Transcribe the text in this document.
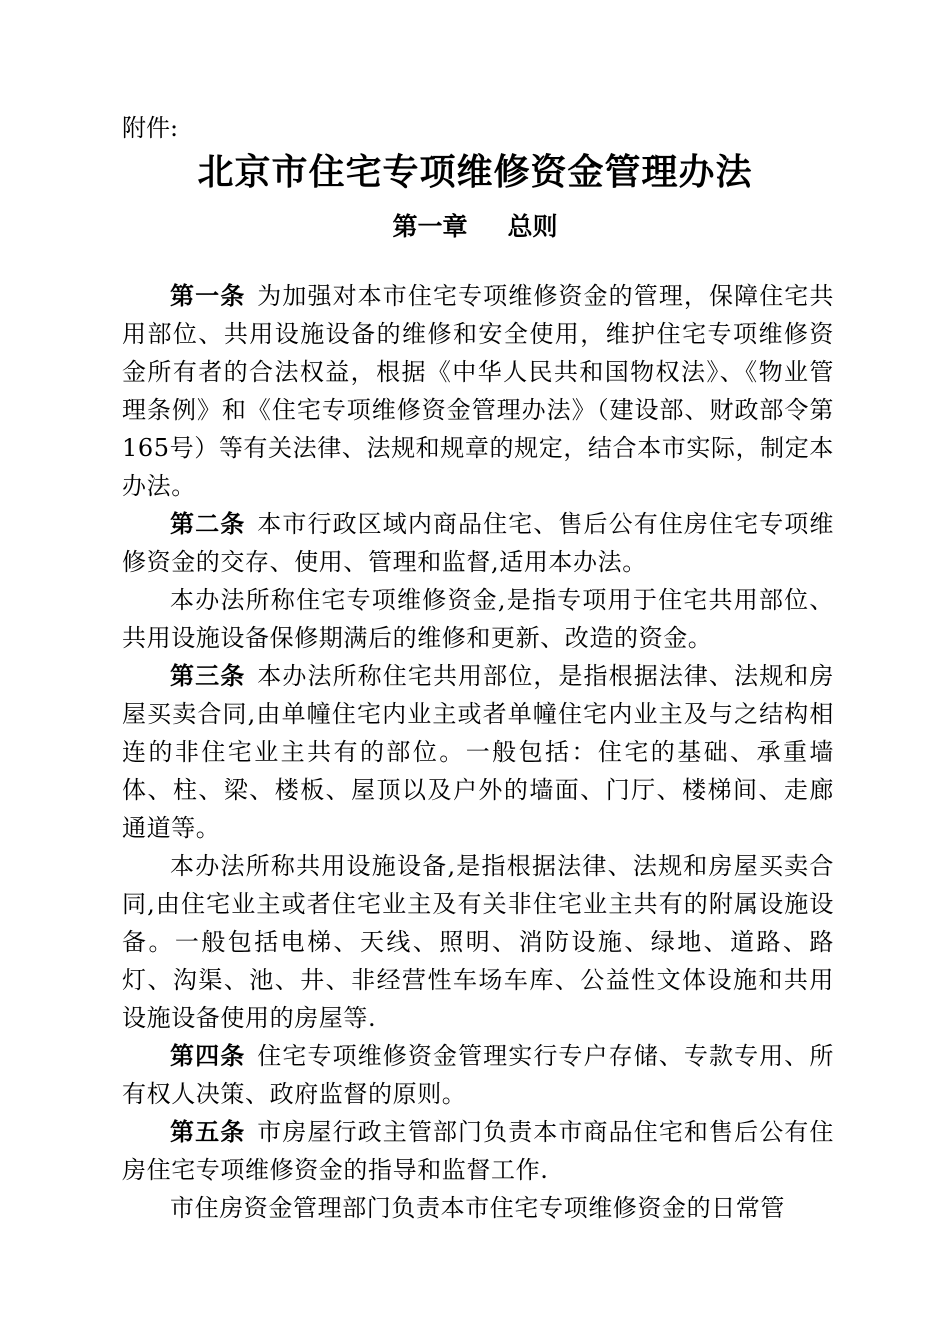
附件:

北京市住宅专项维修资金管理办法
第一章 总则

第一条 为加强对本市住宅专项维修资金的管理，保障住宅共用部位、共用设施设备的维修和安全使用，维护住宅专项维修资金所有者的合法权益，根据《中华人民共和国物权法》、《物业管理条例》和《住宅专项维修资金管理办法》（建设部、财政部令第165号）等有关法律、法规和规章的规定，结合本市实际，制定本办法。

第二条 本市行政区域内商品住宅、售后公有住房住宅专项维修资金的交存、使用、管理和监督,适用本办法。

本办法所称住宅专项维修资金,是指专项用于住宅共用部位、共用设施设备保修期满后的维修和更新、改造的资金。

第三条 本办法所称住宅共用部位，是指根据法律、法规和房屋买卖合同,由单幢住宅内业主或者单幢住宅内业主及与之结构相连的非住宅业主共有的部位。一般包括：住宅的基础、承重墙体、柱、梁、楼板、屋顶以及户外的墙面、门厅、楼梯间、走廊通道等。

本办法所称共用设施设备,是指根据法律、法规和房屋买卖合同,由住宅业主或者住宅业主及有关非住宅业主共有的附属设施设备。一般包括电梯、天线、照明、消防设施、绿地、道路、路灯、沟渠、池、井、非经营性车场车库、公益性文体设施和共用设施设备使用的房屋等.

第四条 住宅专项维修资金管理实行专户存储、专款专用、所有权人决策、政府监督的原则。

第五条 市房屋行政主管部门负责本市商品住宅和售后公有住房住宅专项维修资金的指导和监督工作.

市住房资金管理部门负责本市住宅专项维修资金的日常管
